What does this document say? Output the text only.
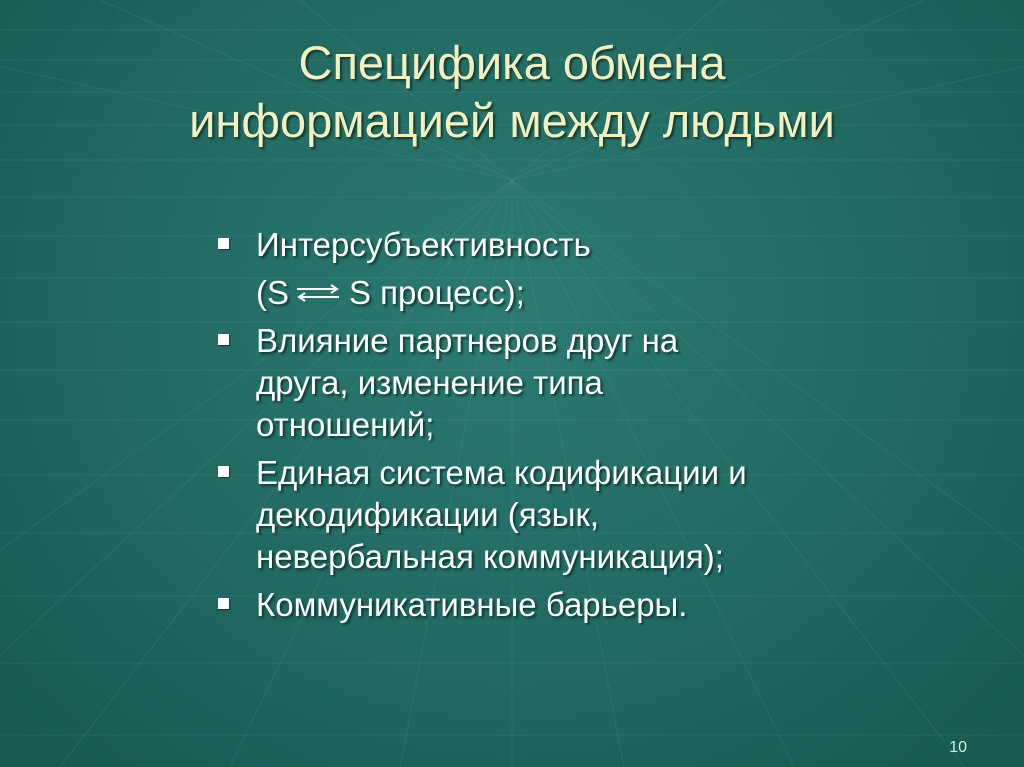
Специфика обмена
информацией между людьми
Интерсубъективность
(S S процесс);
Влияние партнеров друг на
друга, изменение типа
отношений;
Единая система кодификации и
декодификации (язык,
невербальная коммуникация);
Коммуникативные барьеры.
10
